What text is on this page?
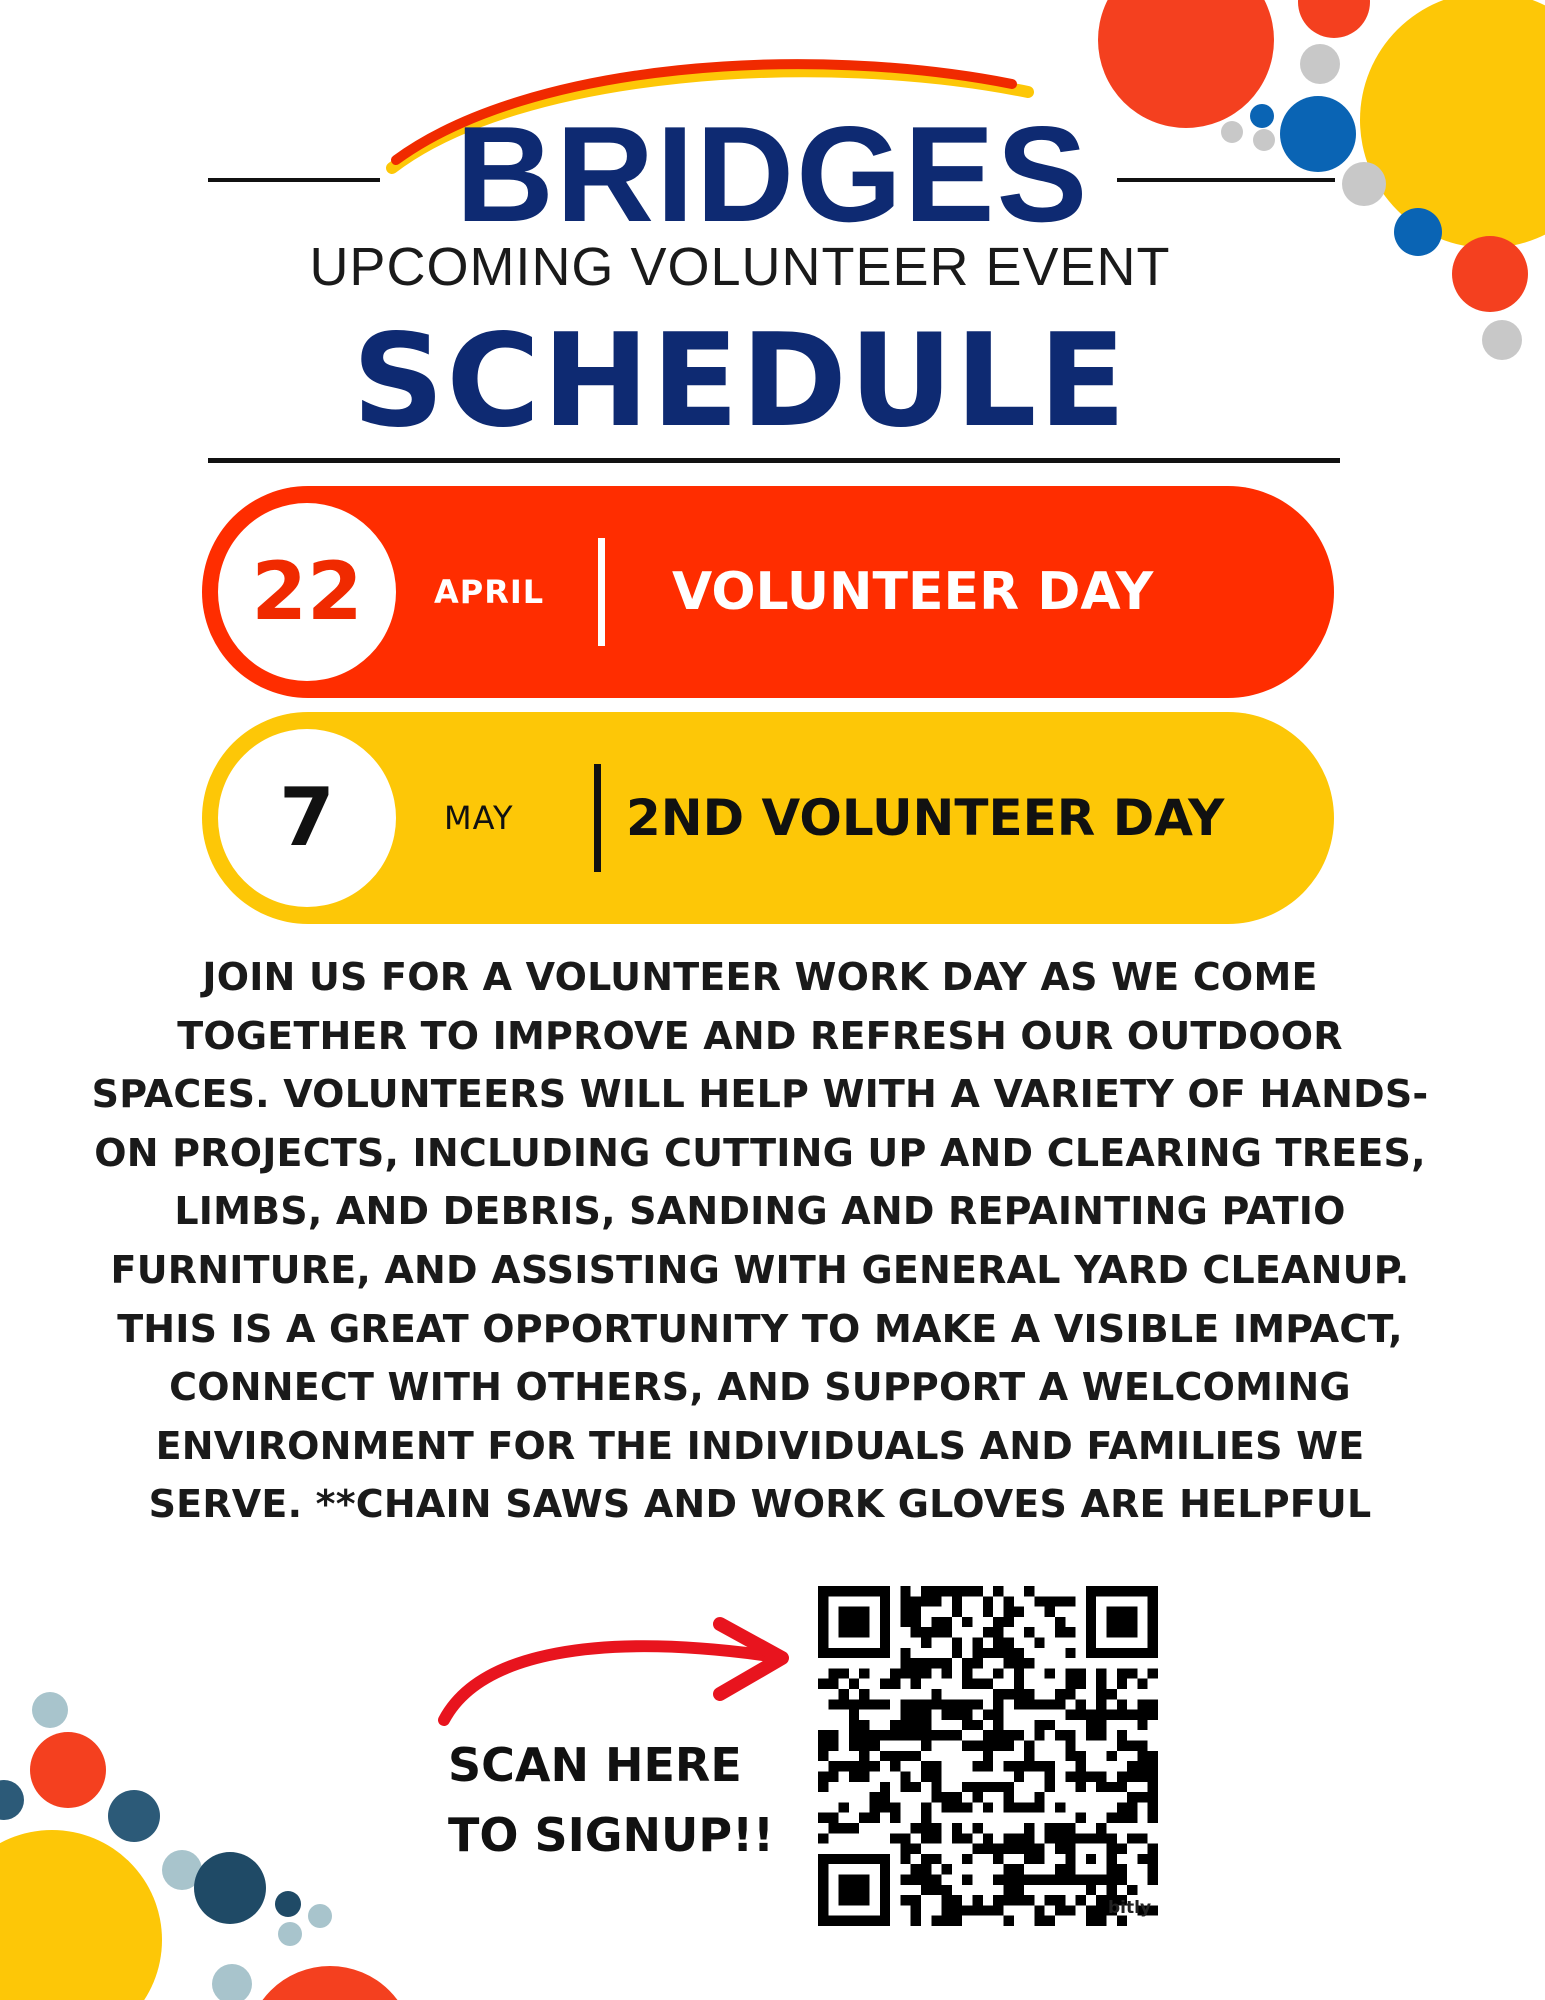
BRIDGES
UPCOMING VOLUNTEER EVENT
SCHEDULE
22	APRIL VOLUNTEER DAY
7	MAY 2ND VOLUNTEER DAY
JOIN US FOR A VOLUNTEER WORK DAY AS WE COME
TOGETHER TO IMPROVE AND REFRESH OUR OUTDOOR
SPACES. VOLUNTEERS WILL HELP WITH A VARIETY OF HANDS-
ON PROJECTS, INCLUDING CUTTING UP AND CLEARING TREES,
LIMBS, AND DEBRIS, SANDING AND REPAINTING PATIO
FURNITURE, AND ASSISTING WITH GENERAL YARD CLEANUP.
THIS IS A GREAT OPPORTUNITY TO MAKE A VISIBLE IMPACT,
CONNECT WITH OTHERS, AND SUPPORT A WELCOMING
ENVIRONMENT FOR THE INDIVIDUALS AND FAMILIES WE
SERVE. **CHAIN SAWS AND WORK GLOVES ARE HELPFUL
SCAN HERE
TO SIGNUP!!
bitly
